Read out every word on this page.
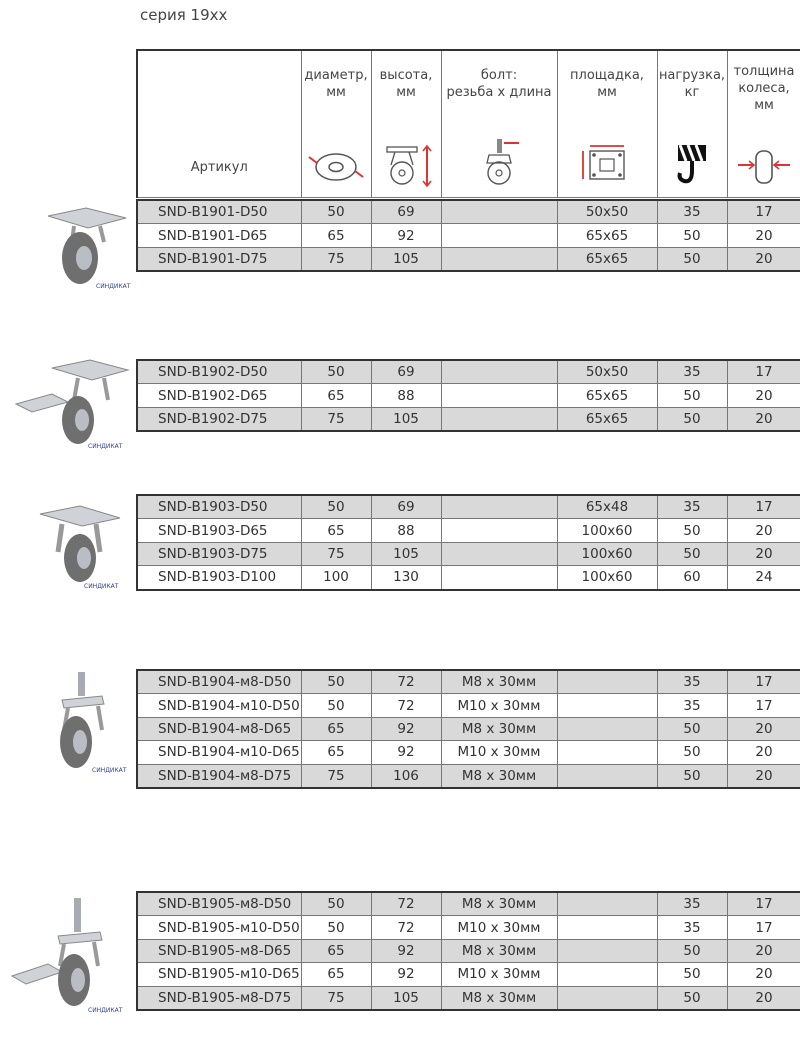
серия 19хх
Артикул

диаметр,
мм

высота,
мм

болт:
резьба х длина

площадка,
мм

нагрузка,
кг

толщина
колеса,
мм
SND-B1901-D50	50	69		50x50	35	17
SND-B1901-D65	65	92		65x65	50	20
SND-B1901-D75	75	105		65x65	50	20
SND-B1902-D50	50	69		50x50	35	17
SND-B1902-D65	65	88		65x65	50	20
SND-B1902-D75	75	105		65x65	50	20
SND-B1903-D50	50	69		65x48	35	17
SND-B1903-D65	65	88		100x60	50	20
SND-B1903-D75	75	105		100x60	50	20
SND-B1903-D100	100	130		100x60	60	24
SND-B1904-м8-D50	50	72	M8 x 30мм		35	17
SND-B1904-м10-D50	50	72	M10 x 30мм		35	17
SND-B1904-м8-D65	65	92	M8 x 30мм		50	20
SND-B1904-м10-D65	65	92	M10 x 30мм		50	20
SND-B1904-м8-D75	75	106	M8 x 30мм		50	20
SND-B1905-м8-D50	50	72	M8 x 30мм		35	17
SND-B1905-м10-D50	50	72	M10 x 30мм		35	17
SND-B1905-м8-D65	65	92	M8 x 30мм		50	20
SND-B1905-м10-D65	65	92	M10 x 30мм		50	20
SND-B1905-м8-D75	75	105	M8 x 30мм		50	20
СИНДИКАТ
СИНДИКАТ
СИНДИКАТ
СИНДИКАТ
СИНДИКАТ
